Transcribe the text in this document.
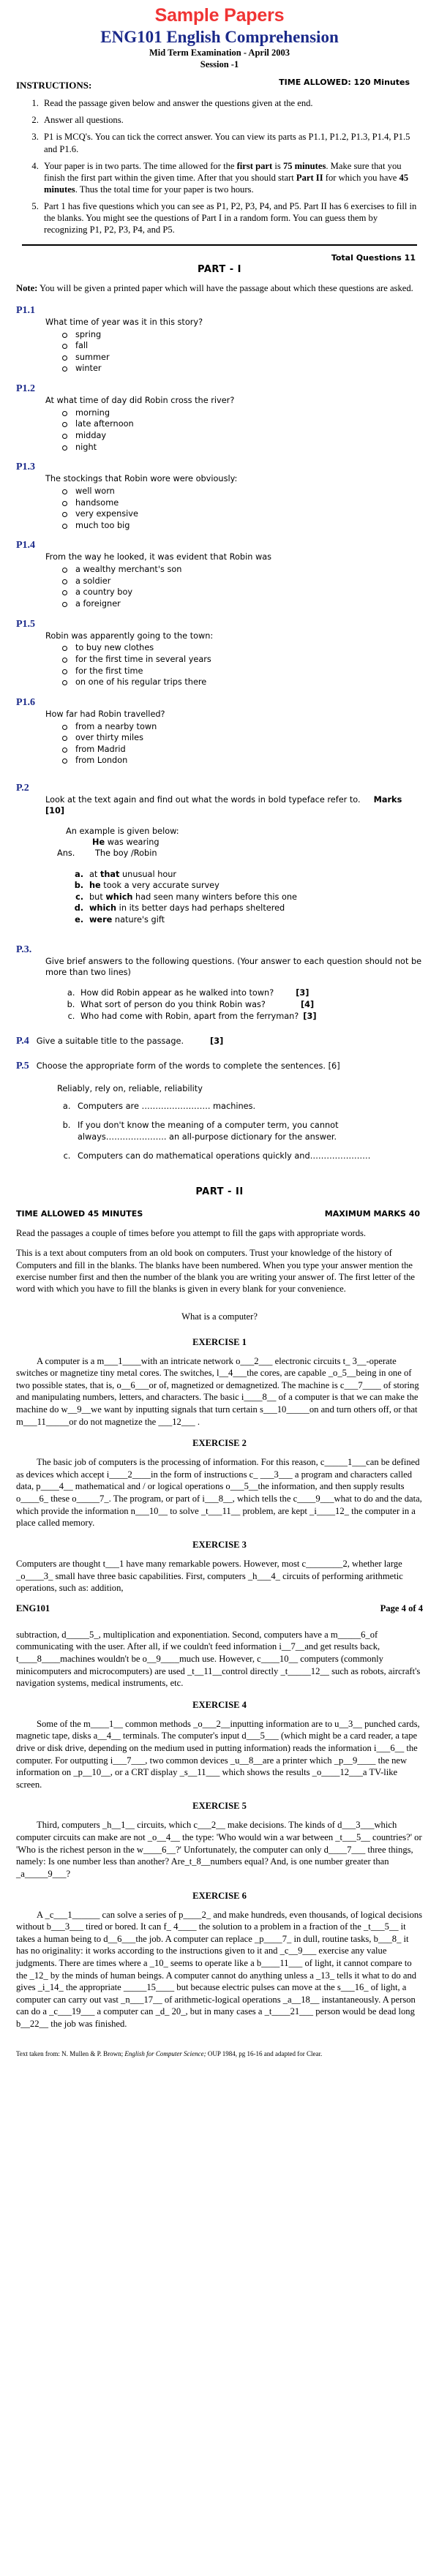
Sample Papers
ENG101 English Comprehension
Mid Term Examination - April 2003
Session -1
TIME ALLOWED: 120 Minutes
INSTRUCTIONS:
1. Read the passage given below and answer the questions given at the end.
2. Answer all questions.
3. P1 is MCQ's. You can tick the correct answer. You can view its parts as P1.1, P1.2, P1.3, P1.4, P1.5 and P1.6.
4. Your paper is in two parts. The time allowed for the first part is 75 minutes. Make sure that you finish the first part within the given time. After that you should start Part II for which you have 45 minutes. Thus the total time for your paper is two hours.
5. Part 1 has five questions which you can see as P1, P2, P3, P4, and P5. Part II has 6 exercises to fill in the blanks. You might see the questions of Part I in a random form. You can guess them by recognizing P1, P2, P3, P4, and P5.
Total Questions 11
PART - I
Note: You will be given a printed paper which will have the passage about which these questions are asked.
P1.1
What time of year was it in this story?
spring
fall
summer
winter
P1.2
At what time of day did Robin cross the river?
morning
late afternoon
midday
night
P1.3
The stockings that Robin wore were obviously:
well worn
handsome
very expensive
much too big
P1.4
From the way he looked, it was evident that Robin was
a wealthy merchant's son
a soldier
a country boy
a foreigner
P1.5
Robin was apparently going to the town:
to buy new clothes
for the first time in several years
for the first time
on one of his regular trips there
P1.6
How far had Robin travelled?
from a nearby town
over thirty miles
from Madrid
from London
P.2
Look at the text again and find out what the words in bold typeface refer to. Marks [10]
An example is given below:
He was wearing
Ans. The boy /Robin
a. at that unusual hour
b. he took a very accurate survey
c. but which had seen many winters before this one
d. which in its better days had perhaps sheltered
e. were nature's gift
P.3.
Give brief answers to the following questions. (Your answer to each question should not be more than two lines)
a. How did Robin appear as he walked into town?	[3]
b. What sort of person do you think Robin was?	[4]
c. Who had come with Robin, apart from the ferryman? [3]
P.4 Give a suitable title to the passage.	[3]
P.5 Choose the appropriate form of the words to complete the sentences. [6]
Reliably, rely on, reliable, reliability
a. Computers are ……………………. machines.
b. If you don't know the meaning of a computer term, you cannot always…………………. an all-purpose dictionary for the answer.
c. Computers can do mathematical operations quickly and………………….
PART - II
TIME ALLOWED 45 MINUTES	MAXIMUM MARKS 40
Read the passages a couple of times before you attempt to fill the gaps with appropriate words.
This is a text about computers from an old book on computers. Trust your knowledge of the history of Computers and fill in the blanks. The blanks have been numbered. When you type your answer mention the exercise number first and then the number of the blank you are writing your answer of. The first letter of the word with which you have to fill the blanks is given in every blank for your convenience.
What is a computer?
EXERCISE 1
A computer is a m___1____with an intricate network o___2___ electronic circuits t_ 3__-operate switches or magnetize tiny metal cores. The switches, l__4___the cores, are capable _o_5__being in one of two possible states, that is, o__6___or of, magnetized or demagnetized. The machine is c___7____ of storing and manipulating numbers, letters, and characters. The basic i____8__ of a computer is that we can make the machine do w__9__we want by inputting signals that turn certain s___10_____on and turn others off, or that m___11_____or do not magnetize the ___12___ .
EXERCISE 2
The basic job of computers is the processing of information. For this reason, c_____1___can be defined as devices which accept i____2____in the form of instructions c_ ___3___ a program and characters called data, p____4__ mathematical and / or logical operations o___5__the information, and then supply results o____6_ these o_____7_. The program, or part of i___8__, which tells the c____9___what to do and the data, which provide the information n___10__ to solve _t___11__ problem, are kept _i____12_ the computer in a place called memory.
EXERCISE 3
Computers are thought t___1 have many remarkable powers. However, most c________2, whether large _o____3_ small have three basic capabilities. First, computers _h___4_ circuits of performing arithmetic operations, such as: addition,
ENG101	Page 4 of 4
subtraction, d_____5_, multiplication and exponentiation. Second, computers have a m_____6_of communicating with the user. After all, if we couldn't feed information i__7__and get results back, t____8____machines wouldn't be o__9____much use. However, c____10__ computers (commonly minicomputers and microcomputers) are used _t__11__control directly _t_____12__ such as robots, aircraft's navigation systems, medical instruments, etc.
EXERCISE 4
Some of the m____1__ common methods _o___2__inputting information are to u__3__ punched cards, magnetic tape, disks a__4__ terminals. The computer's input d___5___ (which might be a card reader, a tape drive or disk drive, depending on the medium used in putting information) reads the information i___6__ the computer. For outputting i___7___, two common devices _u__8__are a printer which _p__9____ the new information on _p__10__, or a CRT display _s__11___ which shows the results _o____12___a TV-like screen.
EXERCISE 5
Third, computers _h__1__ circuits, which c___2__ make decisions. The kinds of d___3___which computer circuits can make are not _o__4__ the type: 'Who would win a war between _t___5__ countries?' or 'Who is the richest person in the w____6__?' Unfortunately, the computer can only d____7___ three things, namely: Is one number less than another? Are_t_8__numbers equal? And, is one number greater than _a_____9___?
EXERCISE 6
A _c___1______ can solve a series of p____2_ and make hundreds, even thousands, of logical decisions without b___3___ tired or bored. It can f_ 4____ the solution to a problem in a fraction of the _t___5__ it takes a human being to d__6___the job. A computer can replace _p____7_ in dull, routine tasks, b___8_ it has no originality: it works according to the instructions given to it and _c__9___ exercise any value judgments. There are times where a _10_ seems to operate like a b____11___ of light, it cannot compare to the _12_ by the minds of human beings. A computer cannot do anything unless a _13_ tells it what to do and gives _i_14_ the appropriate _____15____ but because electric pulses can move at the s___16_ of light, a computer can carry out vast _n___17__ of arithmetic-logical operations _a__18__ instantaneously. A person can do a _c___19___ a computer can _d_ 20_, but in many cases a _t____21___ person would be dead long b__22__ the job was finished.
Text taken from: N. Mullen & P. Brown; English for Computer Science; OUP 1984, pg 16-16 and adapted for Clear.
